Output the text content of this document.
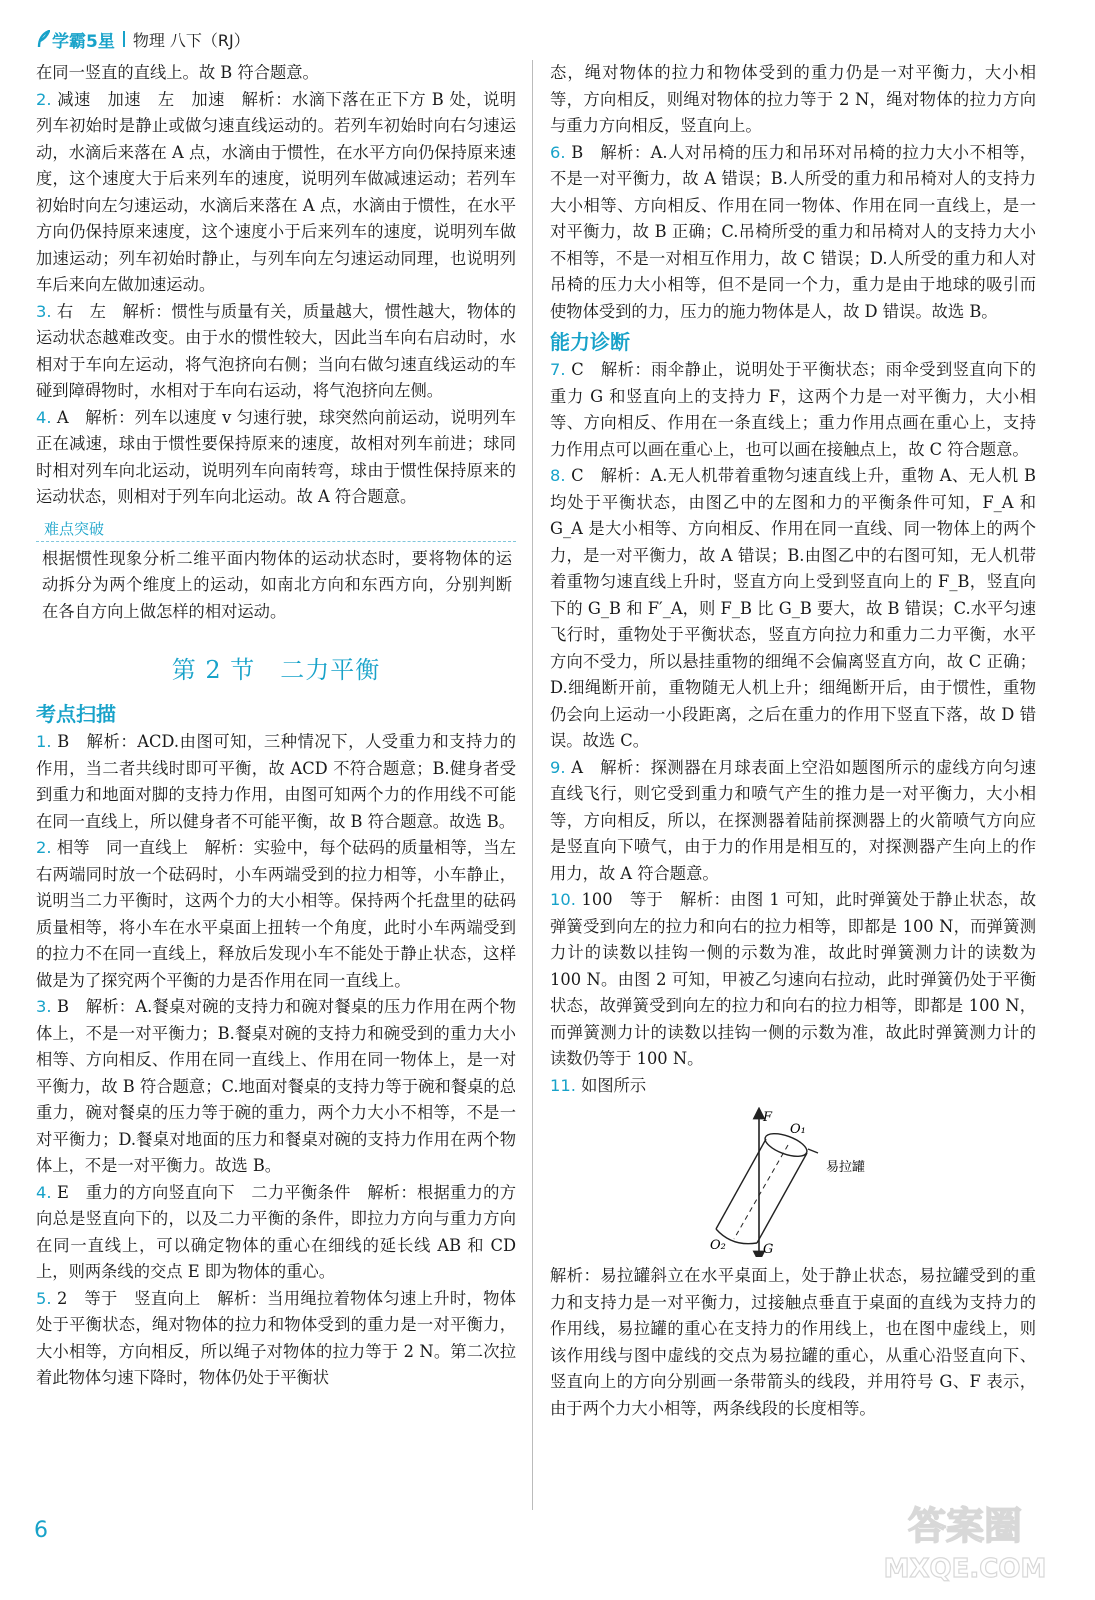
学霸5星 物理 八下（RJ）

在同一竖直的直线上。故 B 符合题意。

2. 减速　加速　左　加速　解析：水滴下落在正下方 B 处，说明列车初始时是静止或做匀速直线运动的。若列车初始时向右匀速运动，水滴后来落在 A 点，水滴由于惯性，在水平方向仍保持原来速度，这个速度大于后来列车的速度，说明列车做减速运动；若列车初始时向左匀速运动，水滴后来落在 A 点，水滴由于惯性，在水平方向仍保持原来速度，这个速度小于后来列车的速度，说明列车做加速运动；列车初始时静止，与列车向左匀速运动同理，也说明列车后来向左做加速运动。

3. 右　左　解析：惯性与质量有关，质量越大，惯性越大，物体的运动状态越难改变。由于水的惯性较大，因此当车向右启动时，水相对于车向左运动，将气泡挤向右侧；当向右做匀速直线运动的车碰到障碍物时，水相对于车向右运动，将气泡挤向左侧。

4. A　解析：列车以速度 v 匀速行驶，球突然向前运动，说明列车正在减速，球由于惯性要保持原来的速度，故相对列车前进；球同时相对列车向北运动，说明列车向南转弯，球由于惯性保持原来的运动状态，则相对于列车向北运动。故 A 符合题意。

难点突破

根据惯性现象分析二维平面内物体的运动状态时，要将物体的运动拆分为两个维度上的运动，如南北方向和东西方向，分别判断在各自方向上做怎样的相对运动。

第 2 节　二力平衡
考点扫描

1. B　解析：ACD.由图可知，三种情况下，人受重力和支持力的作用，当二者共线时即可平衡，故 ACD 不符合题意；B.健身者受到重力和地面对脚的支持力作用，由图可知两个力的作用线不可能在同一直线上，所以健身者不可能平衡，故 B 符合题意。故选 B。

2. 相等　同一直线上　解析：实验中，每个砝码的质量相等，当左右两端同时放一个砝码时，小车两端受到的拉力相等，小车静止，说明当二力平衡时，这两个力的大小相等。保持两个托盘里的砝码质量相等，将小车在水平桌面上扭转一个角度，此时小车两端受到的拉力不在同一直线上，释放后发现小车不能处于静止状态，这样做是为了探究两个平衡的力是否作用在同一直线上。

3. B　解析：A.餐桌对碗的支持力和碗对餐桌的压力作用在两个物体上，不是一对平衡力；B.餐桌对碗的支持力和碗受到的重力大小相等、方向相反、作用在同一直线上、作用在同一物体上，是一对平衡力，故 B 符合题意；C.地面对餐桌的支持力等于碗和餐桌的总重力，碗对餐桌的压力等于碗的重力，两个力大小不相等，不是一对平衡力；D.餐桌对地面的压力和餐桌对碗的支持力作用在两个物体上，不是一对平衡力。故选 B。

4. E　重力的方向竖直向下　二力平衡条件　解析：根据重力的方向总是竖直向下的，以及二力平衡的条件，即拉力方向与重力方向在同一直线上，可以确定物体的重心在细线的延长线 AB 和 CD 上，则两条线的交点 E 即为物体的重心。

5. 2　等于　竖直向上　解析：当用绳拉着物体匀速上升时，物体处于平衡状态，绳对物体的拉力和物体受到的重力是一对平衡力，大小相等，方向相反，所以绳子对物体的拉力等于 2 N。第二次拉着此物体匀速下降时，物体仍处于平衡状

态，绳对物体的拉力和物体受到的重力仍是一对平衡力，大小相等，方向相反，则绳对物体的拉力等于 2 N，绳对物体的拉力方向与重力方向相反，竖直向上。

6. B　解析：A.人对吊椅的压力和吊环对吊椅的拉力大小不相等，不是一对平衡力，故 A 错误；B.人所受的重力和吊椅对人的支持力大小相等、方向相反、作用在同一物体、作用在同一直线上，是一对平衡力，故 B 正确；C.吊椅所受的重力和吊椅对人的支持力大小不相等，不是一对相互作用力，故 C 错误；D.人所受的重力和人对吊椅的压力大小相等，但不是同一个力，重力是由于地球的吸引而使物体受到的力，压力的施力物体是人，故 D 错误。故选 B。

能力诊断

7. C　解析：雨伞静止，说明处于平衡状态；雨伞受到竖直向下的重力 G 和竖直向上的支持力 F，这两个力是一对平衡力，大小相等、方向相反、作用在一条直线上；重力作用点画在重心上，支持力作用点可以画在重心上，也可以画在接触点上，故 C 符合题意。

8. C　解析：A.无人机带着重物匀速直线上升，重物 A、无人机 B 均处于平衡状态，由图乙中的左图和力的平衡条件可知，F_A 和 G_A 是大小相等、方向相反、作用在同一直线、同一物体上的两个力，是一对平衡力，故 A 错误；B.由图乙中的右图可知，无人机带着重物匀速直线上升时，竖直方向上受到竖直向上的 F_B，竖直向下的 G_B 和 F′_A，则 F_B 比 G_B 要大，故 B 错误；C.水平匀速飞行时，重物处于平衡状态，竖直方向拉力和重力二力平衡，水平方向不受力，所以悬挂重物的细绳不会偏离竖直方向，故 C 正确；D.细绳断开前，重物随无人机上升；细绳断开后，由于惯性，重物仍会向上运动一小段距离，之后在重力的作用下竖直下落，故 D 错误。故选 C。

9. A　解析：探测器在月球表面上空沿如题图所示的虚线方向匀速直线飞行，则它受到重力和喷气产生的推力是一对平衡力，大小相等，方向相反，所以，在探测器着陆前探测器上的火箭喷气方向应是竖直向下喷气，由于力的作用是相互的，对探测器产生向上的作用力，故 A 符合题意。

10. 100　等于　解析：由图 1 可知，此时弹簧处于静止状态，故弹簧受到向左的拉力和向右的拉力相等，即都是 100 N，而弹簧测力计的读数以挂钩一侧的示数为准，故此时弹簧测力计的读数为 100 N。由图 2 可知，甲被乙匀速向右拉动，此时弹簧仍处于平衡状态，故弹簧受到向左的拉力和向右的拉力相等，即都是 100 N，而弹簧测力计的读数以挂钩一侧的示数为准，故此时弹簧测力计的读数仍等于 100 N。

11. 如图所示

F
G
O₁
O₂
易拉罐

解析：易拉罐斜立在水平桌面上，处于静止状态，易拉罐受到的重力和支持力是一对平衡力，过接触点垂直于桌面的直线为支持力的作用线，易拉罐的重心在支持力的作用线上，也在图中虚线上，则该作用线与图中虚线的交点为易拉罐的重心，从重心沿竖直向下、竖直向上的方向分别画一条带箭头的线段，并用符号 G、F 表示，由于两个力大小相等，两条线段的长度相等。

6	答案圈
MXQE.COM
